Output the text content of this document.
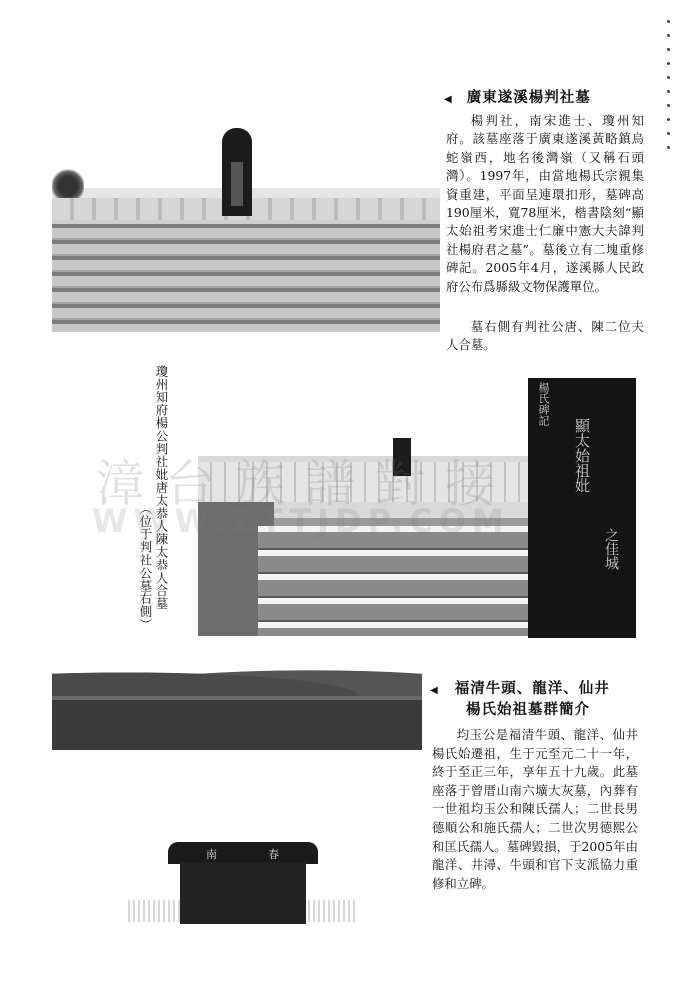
◀ 廣東遂溪楊判社墓
楊判社，南宋進士、瓊州知府。該墓座落于廣東遂溪黃略鎮烏蛇嶺西，地名後灣嶺（又稱石頭灣）。1997年，由當地楊氏宗親集資重建，平面呈連環扣形，墓碑高190厘米，寬78厘米，楷書陰刻“顯太始祖考宋進士仁廉中憲大夫諱判社楊府君之墓”。墓後立有二塊重修碑記。2005年4月，遂溪縣人民政府公布爲縣級文物保護單位。
墓右側有判社公唐、陳二位夫人合墓。
瓊州知府楊公判社妣唐太恭人陳太恭人合墓
（位于判社公墓右側）
楊氏碑記
顯太始祖妣
之佳城
漳台族譜對接
WWW.ZTTJDP.COM
◀ 福清牛頭、龍洋、仙井
楊氏始祖墓群簡介
均玉公是福清牛頭、龍洋、仙井楊氏始遷祖，生于元至元二十一年，終于至正三年，享年五十九歲。此墓座落于曾厝山南六壙大灰墓，內葬有一世祖均玉公和陳氏孺人；二世長男德順公和施氏孺人；二世次男德熙公和匡氏孺人。墓碑毀損，于2005年由龍洋、井潯、牛頭和官下支派協力重修和立碑。
南	春
